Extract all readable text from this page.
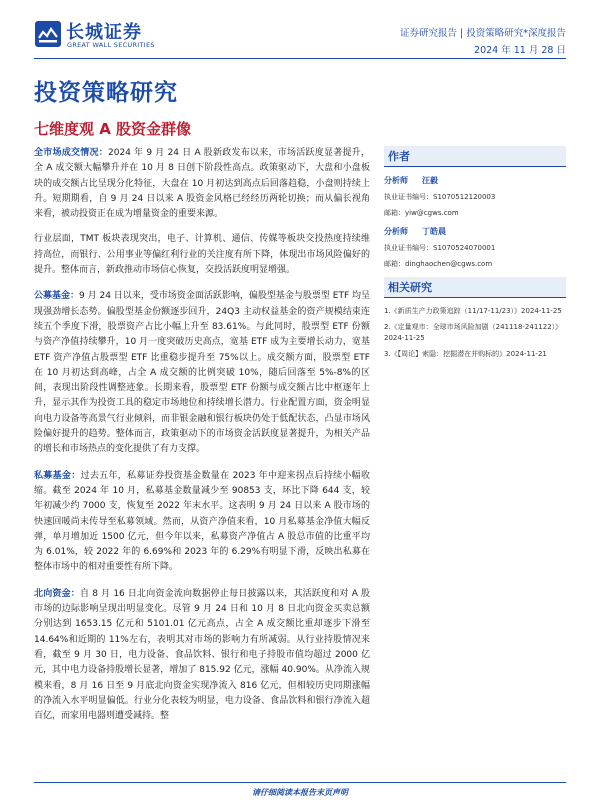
长城证券
GREAT WALL SECURITIES
证券研究报告 | 投资策略研究*深度报告
2024 年 11 月 28 日
投资策略研究
七维度观 A 股资金群像

全市场成交情况：2024 年 9 月 24 日 A 股新政发布以来，市场活跃度显著提升，全 A 成交额大幅攀升并在 10 月 8 日创下阶段性高点。政策驱动下，大盘和小盘板块的成交额占比呈现分化特征，大盘在 10 月初达到高点后回落趋稳，小盘则持续上升。短期期看，自 9 月 24 日以来 A 股资金风格已经经历两轮切换；而从偏长视角来看，被动投资正在成为增量资金的重要来源。

行业层面，TMT 板块表现突出，电子、计算机、通信、传媒等板块交投热度持续维持高位，而银行、公用事业等偏红利行业的关注度有所下降，体现出市场风险偏好的提升。整体而言，新政推动市场信心恢复，交投活跃度明显增强。

公募基金：9 月 24 日以来，受市场资金面活跃影响，偏股型基金与股票型 ETF 均呈现强劲增长态势。偏股型基金份额逐步回升，24Q3 主动权益基金的资产规模结束连续五个季度下滑，股票资产占比小幅上升至 83.61%。与此同时，股票型 ETF 份额与资产净值持续攀升，10 月一度突破历史高点，宽基 ETF 成为主要增长动力，宽基 ETF 资产净值占股票型 ETF 比重稳步提升至 75%以上。成交额方面，股票型 ETF 在 10 月初达到高峰，占全 A 成交额的比例突破 10%，随后回落至 5%-8%的区间，表现出阶段性调整迹象。长期来看，股票型 ETF 份额与成交额占比中枢逐年上升，显示其作为投资工具的稳定市场地位和持续增长潜力。行业配置方面，资金明显向电力设备等高景气行业倾斜，而非银金融和银行板块仍处于低配状态，凸显市场风险偏好提升的趋势。整体而言，政策驱动下的市场资金活跃度显著提升，为相关产品的增长和市场热点的变化提供了有力支撑。

私募基金：过去五年，私募证券投资基金数量在 2023 年中迎来拐点后持续小幅收缩。截至 2024 年 10 月，私募基金数量减少至 90853 支，环比下降 644 支，较年初减少约 7000 支，恢复至 2022 年末水平。这表明 9 月 24 日以来 A 股市场的快速回暖尚未传导至私募领域。然而，从资产净值来看，10 月私募基金净值大幅反弹，单月增加近 1500 亿元，但今年以来，私募资产净值占 A 股总市值的比重平均为 6.01%，较 2022 年的 6.69%和 2023 年的 6.29%有明显下滑，反映出私募在整体市场中的相对重要性有所下降。

北向资金：自 8 月 16 日北向资金流向数据停止每日披露以来，其活跃度和对 A 股市场的边际影响呈现出明显变化。尽管 9 月 24 日和 10 月 8 日北向资金买卖总额分别达到 1653.15 亿元和 5101.01 亿元高点，占全 A 成交额比重却逐步下滑至 14.64%和近期的 11%左右，表明其对市场的影响力有所减弱。从行业持股情况来看，截至 9 月 30 日，电力设备、食品饮料、银行和电子持股市值均超过 2000 亿元，其中电力设备持股增长显著，增加了 815.92 亿元，涨幅 40.90%。从净流入规模来看，8 月 16 日至 9 月底北向资金实现净流入 816 亿元，但相较历史同期涨幅的净流入水平明显偏低。行业分化表较为明显，电力设备、食品饮料和银行净流入超百亿，而家用电器则遭受减持。整

作者
分析师 汪毅
执业证书编号：S1070512120003
邮箱：yiw@cgws.com
分析师 丁皓晨
执业证书编号：S1070524070001
邮箱：dinghaochen@cgws.com
相关研究
1.《新质生产力政策追踪（11/17-11/23）》2024-11-25
2.《定量观市：全球市场风险加剧（241118-241122）》2024-11-25
3.《【周论】索隐：挖掘潜在并购标的》2024-11-21
请仔细阅读本报告末页声明
